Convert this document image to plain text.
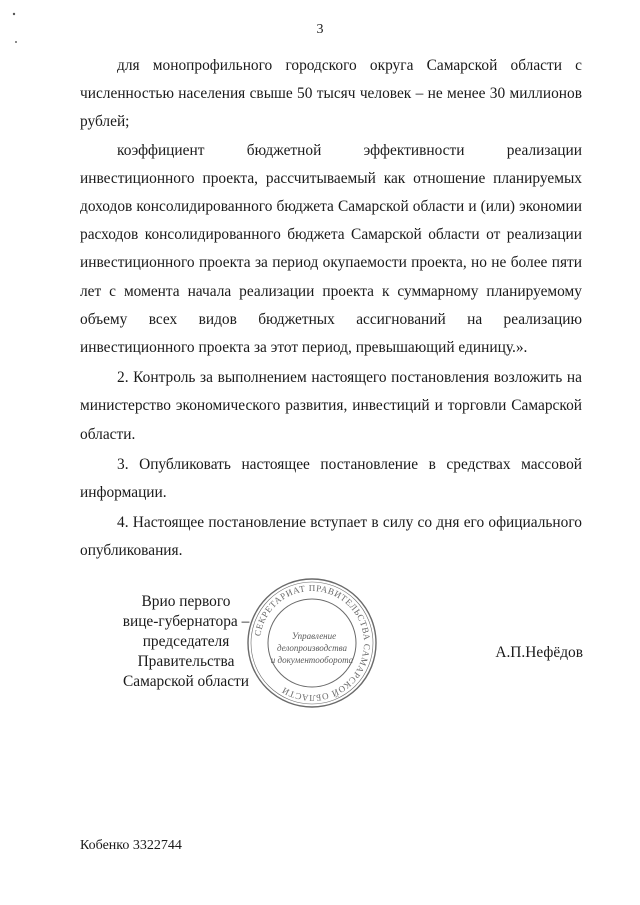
3

для монопрофильного городского округа Самарской области с численностью населения свыше 50 тысяч человек – не менее 30 миллионов рублей;

коэффициент бюджетной эффективности реализации инвестиционного проекта, рассчитываемый как отношение планируемых доходов консолидированного бюджета Самарской области и (или) экономии расходов консолидированного бюджета Самарской области от реализации инвестиционного проекта за период окупаемости проекта, но не более пяти лет с момента начала реализации проекта к суммарному планируемому объему всех видов бюджетных ассигнований на реализацию инвестиционного проекта за этот период, превышающий единицу.».

2. Контроль за выполнением настоящего постановления возложить на министерство экономического развития, инвестиций и торговли Самарской области.

3. Опубликовать настоящее постановление в средствах массовой информации.

4. Настоящее постановление вступает в силу со дня его официального опубликования.

Врио первого
вице-губернатора –
председателя Правительства
Самарской области
СЕКРЕТАРИАТ ПРАВИТЕЛЬСТВА САМАРСКОЙ ОБЛАСТИ
Управление
делопроизводства
и документооборота	А.П.Нефёдов
Кобенко 3322744
